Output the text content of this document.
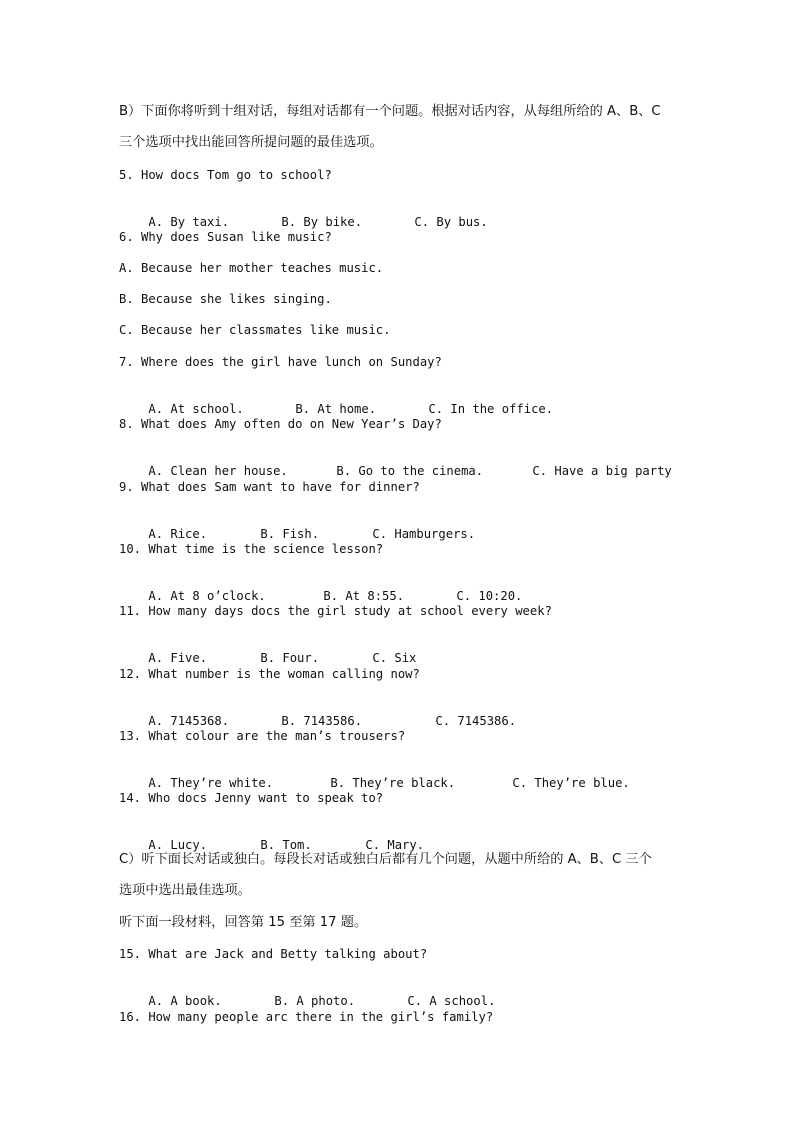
B）下面你将听到十组对话，每组对话都有一个问题。根据对话内容，从每组所给的 A、B、C
三个选项中找出能回答所提问题的最佳选项。
5. How docs Tom go to school?

A. By taxi.	B. By bike.	C. By bus.

6. Why does Susan like music?
A. Because her mother teaches music.
B. Because she likes singing.
C. Because her classmates like music.
7. Where does the girl have lunch on Sunday?

A. At school.	B. At home.	C. In the office.

8. What does Amy often do on New Year’s Day?

A. Clean her house.	B. Go to the cinema.	C. Have a big party

9. What does Sam want to have for dinner?

A. Rice.	B. Fish.	C. Hamburgers.

10. What time is the science lesson?

A. At 8 o’clock.	B. At 8:55.	C. 10:20.

11. How many days docs the girl study at school every week?

A. Five.	B. Four.	C. Six

12. What number is the woman calling now?

A. 7145368.	B. 7143586.	C. 7145386.

13. What colour are the man’s trousers?

A. They’re white.	B. They’re black.	C. They’re blue.

14. Who docs Jenny want to speak to?

A. Lucy.	B. Tom.	C. Mary.

C）听下面长对话或独白。每段长对话或独白后都有几个问题，从题中所给的 A、B、C 三个
选项中选出最佳选项。
听下面一段材料，回答第 15 至第 17 题。
15. What are Jack and Betty talking about?

A. A book.	B. A photo.	C. A school.

16. How many people arc there in the girl’s family?
